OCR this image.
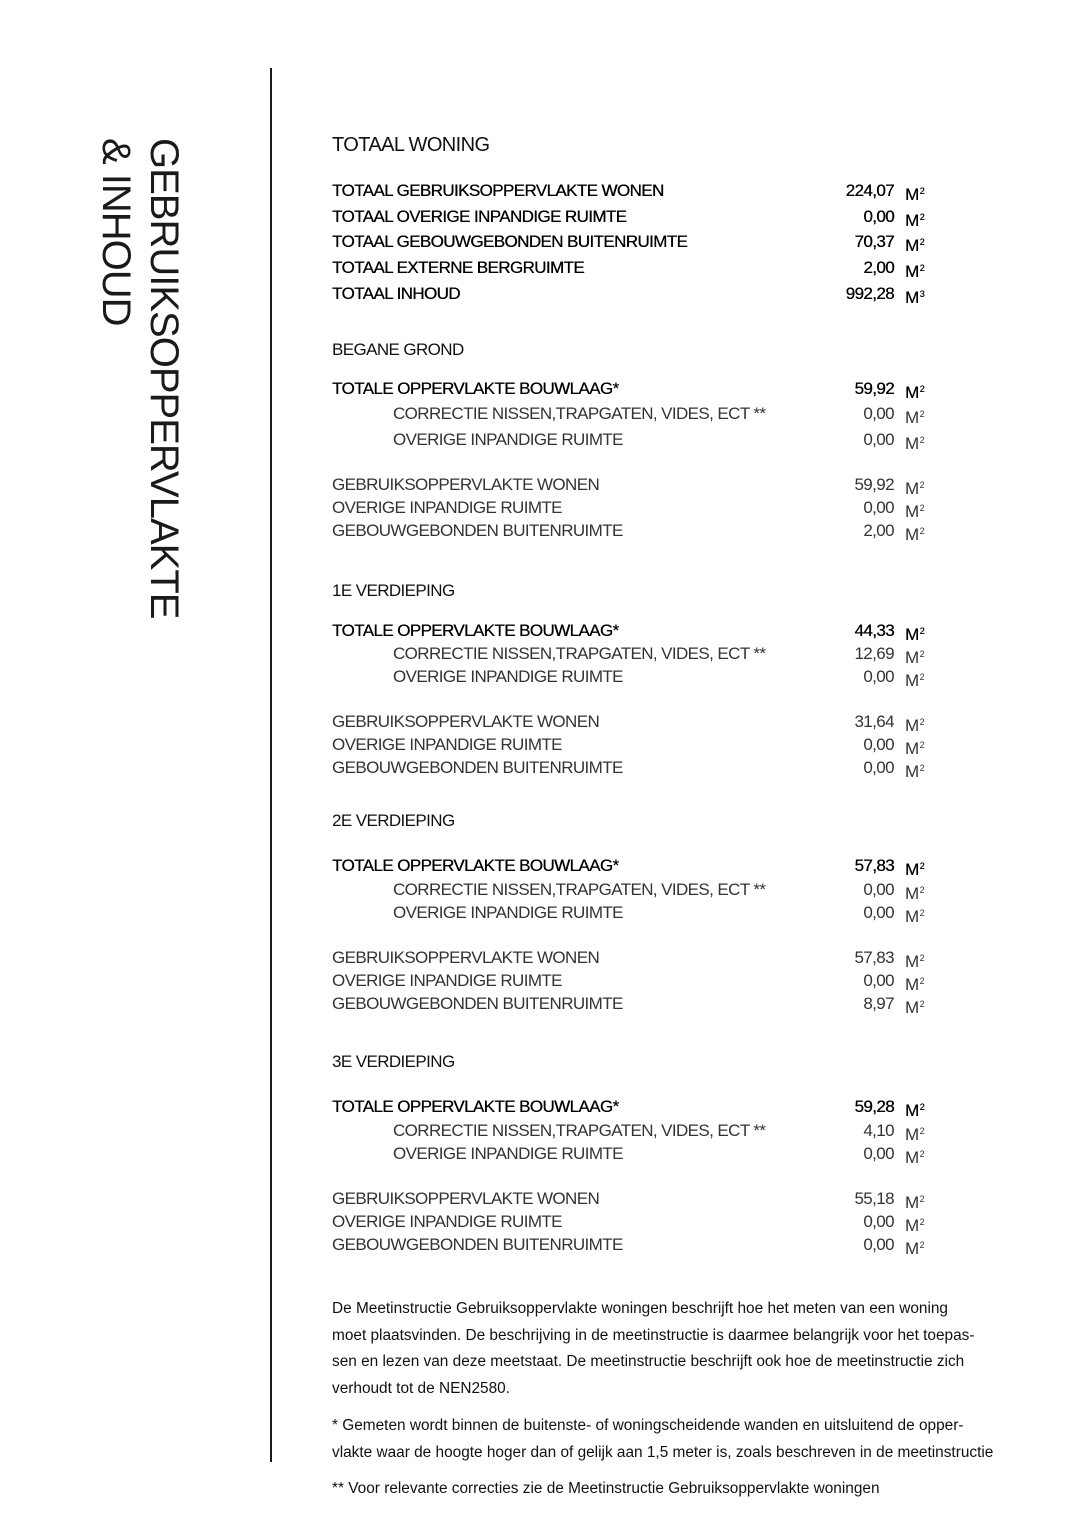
GEBRUIKSOPPERVLAKTE
& INHOUD	TOTAAL WONING
TOTAAL GEBRUIKSOPPERVLAKTE WONEN	224,07 $M^2$
TOTAAL OVERIGE INPANDIGE RUIMTE	0,00 $M^2$
TOTAAL GEBOUWGEBONDEN BUITENRUIMTE	70,37 $M^2$
TOTAAL EXTERNE BERGRUIMTE	2,00 $M^2$
TOTAAL INHOUD	992,28 $M^3$
BEGANE GROND
TOTALE OPPERVLAKTE BOUWLAAG*	59,92 $M^2$
CORRECTIE NISSEN,TRAPGATEN, VIDES, ECT **	0,00 $M^2$
OVERIGE INPANDIGE RUIMTE	0,00 $M^2$
GEBRUIKSOPPERVLAKTE WONEN	59,92 $M^2$
OVERIGE INPANDIGE RUIMTE	0,00 $M^2$
GEBOUWGEBONDEN BUITENRUIMTE	2,00 $M^2$
1E VERDIEPING
TOTALE OPPERVLAKTE BOUWLAAG*	44,33 $M^2$
CORRECTIE NISSEN,TRAPGATEN, VIDES, ECT **	12,69 $M^2$
OVERIGE INPANDIGE RUIMTE	0,00 $M^2$
GEBRUIKSOPPERVLAKTE WONEN	31,64 $M^2$
OVERIGE INPANDIGE RUIMTE	0,00 $M^2$
GEBOUWGEBONDEN BUITENRUIMTE	0,00 $M^2$
2E VERDIEPING
TOTALE OPPERVLAKTE BOUWLAAG*	57,83 $M^2$
CORRECTIE NISSEN,TRAPGATEN, VIDES, ECT **	0,00 $M^2$
OVERIGE INPANDIGE RUIMTE	0,00 $M^2$
GEBRUIKSOPPERVLAKTE WONEN	57,83 $M^2$
OVERIGE INPANDIGE RUIMTE	0,00 $M^2$
GEBOUWGEBONDEN BUITENRUIMTE	8,97 $M^2$
3E VERDIEPING
TOTALE OPPERVLAKTE BOUWLAAG*	59,28 $M^2$
CORRECTIE NISSEN,TRAPGATEN, VIDES, ECT **	4,10 $M^2$
OVERIGE INPANDIGE RUIMTE	0,00 $M^2$
GEBRUIKSOPPERVLAKTE WONEN	55,18 $M^2$
OVERIGE INPANDIGE RUIMTE	0,00 $M^2$
GEBOUWGEBONDEN BUITENRUIMTE	0,00 $M^2$

De Meetinstructie Gebruiksoppervlakte woningen beschrijft hoe het meten van een woning

moet plaatsvinden. De beschrijving in de meetinstructie is daarmee belangrijk voor het toepas-

sen en lezen van deze meetstaat. De meetinstructie beschrijft ook hoe de meetinstructie zich

verhoudt tot de NEN2580.

* Gemeten wordt binnen de buitenste- of woningscheidende wanden en uitsluitend de opper-

vlakte waar de hoogte hoger dan of gelijk aan 1,5 meter is, zoals beschreven in de meetinstructie

** Voor relevante correcties zie de Meetinstructie Gebruiksoppervlakte woningen
